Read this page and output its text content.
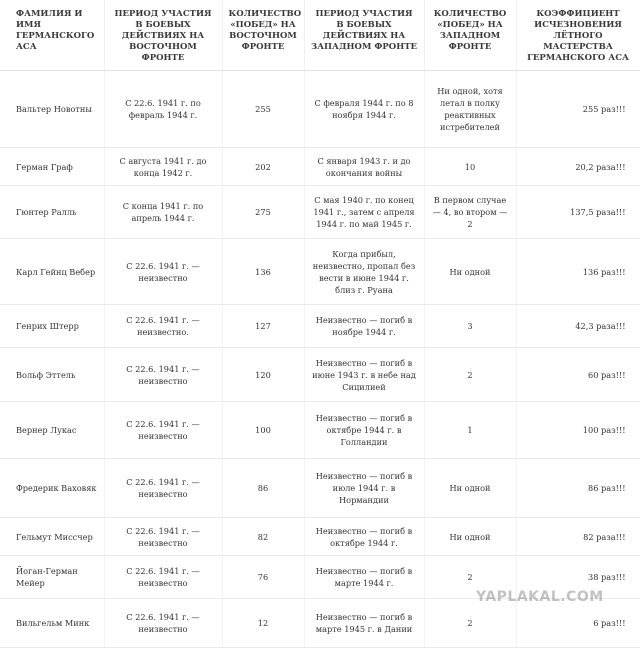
ФАМИЛИЯ И ИМЯ ГЕРМАНСКОГО АСА	ПЕРИОД УЧАСТИЯ В БОЕВЫХ ДЕЙСТВИЯХ НА ВОСТОЧНОМ ФРОНТЕ	КОЛИЧЕСТВО «ПОБЕД» НА ВОСТОЧНОМ ФРОНТЕ	ПЕРИОД УЧАСТИЯ В БОЕВЫХ ДЕЙСТВИЯХ НА ЗАПАДНОМ ФРОНТЕ	КОЛИЧЕСТВО «ПОБЕД» НА ЗАПАДНОМ ФРОНТЕ	КОЭФФИЦИЕНТ ИСЧЕЗНОВЕНИЯ ЛЁТНОГО МАСТЕРСТВА ГЕРМАНСКОГО АСА
Вальтер Новотны	С 22.6. 1941 г. по февраль 1944 г.	255	С февраля 1944 г. по 8 ноября 1944 г.	Ни одной, хотя летал в полку реактивных истребителей	255 раз!!!
Герман Граф	С августа 1941 г. до конца 1942 г.	202	С января 1943 г. и до окончания войны	10	20,2 раза!!!
Гюнтер Ралль	С конца 1941 г. по апрель 1944 г.	275	С мая 1940 г. по конец 1941 г., затем с апреля 1944 г. по май 1945 г.	В первом случае — 4, во втором — 2	137,5 раза!!!
Карл Гейнц Вебер	С 22.6. 1941 г. — неизвестно	136	Когда прибыл, неизвестно, пропал без вести в июне 1944 г. близ г. Руана	Ни одной	136 раз!!!
Генрих Штерр	С 22.6. 1941 г. — неизвестно.	127	Неизвестно — погиб в ноябре 1944 г.	3	42,3 раза!!!
Вольф Эттель	С 22.6. 1941 г. — неизвестно	120	Неизвестно — погиб в июне 1943 г. в небе над Сицилией	2	60 раз!!!
Вернер Лукас	С 22.6. 1941 г. — неизвестно	100	Неизвестно — погиб в октябре 1944 г. в Голландии	1	100 раз!!!
Фредерик Ваховяк	С 22.6. 1941 г. — неизвестно	86	Неизвестно — погиб в июле 1944 г. в Нормандии	Ни одной	86 раз!!!
Гельмут Миссчер	С 22.6. 1941 г. — неизвестно	82	Неизвестно — погиб в октябре 1944 г.	Ни одной	82 раза!!!
Йоган-Герман Мейер	С 22.6. 1941 г. — неизвестно	76	Неизвестно — погиб в марте 1944 г.	2	38 раз!!!
Вильгельм Минк	С 22.6. 1941 г. — неизвестно	12	Неизвестно — погиб в марте 1945 г. в Дании	2	6 раз!!!
YAPLAKAL.COM
